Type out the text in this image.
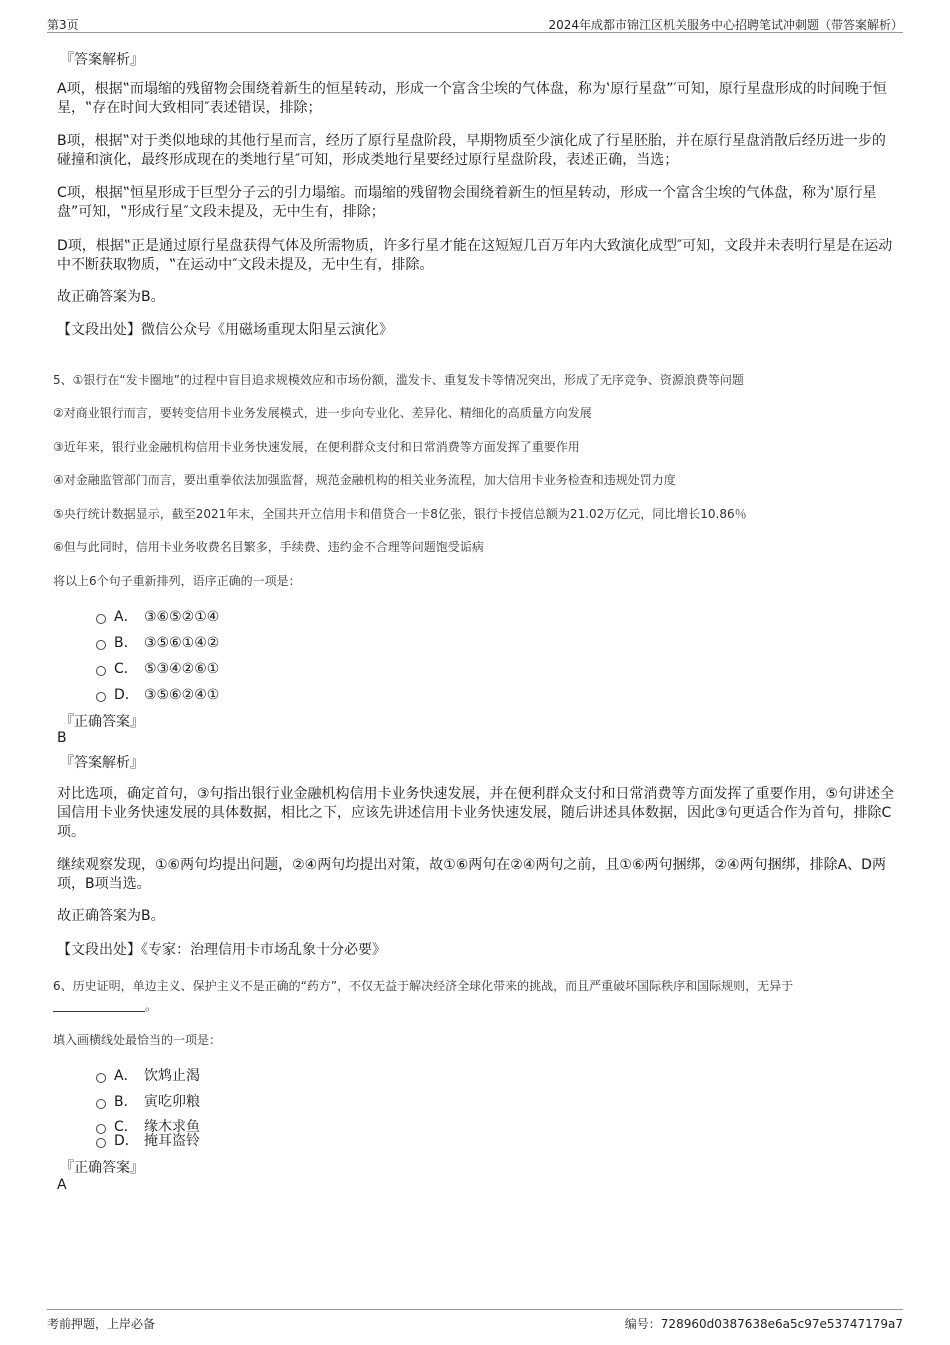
第3页	2024年成都市锦江区机关服务中心招聘笔试冲刺题（带答案解析）
『答案解析』
A项，根据‟而塌缩的残留物会围绕着新生的恒星转动，形成一个富含尘埃的气体盘，称为‛原行星盘”′可知，原行星盘形成的时间晚于恒星，‟存在时间大致相同″表述错误，排除；
B项，根据‟对于类似地球的其他行星而言，经历了原行星盘阶段，早期物质至少演化成了行星胚胎，并在原行星盘消散后经历进一步的碰撞和演化，最终形成现在的类地行星″可知，形成类地行星要经过原行星盘阶段，表述正确，当选；
C项，根据‟恒星形成于巨型分子云的引力塌缩。而塌缩的残留物会围绕着新生的恒星转动，形成一个富含尘埃的气体盘，称为‛原行星盘”可知，‟形成行星″文段未提及，无中生有，排除；
D项，根据‟正是通过原行星盘获得气体及所需物质，许多行星才能在这短短几百万年内大致演化成型″可知，文段并未表明行星是在运动中不断获取物质，‟在运动中″文段未提及，无中生有，排除。
故正确答案为B。
【文段出处】微信公众号《用磁场重现太阳星云演化》
5、①银行在“发卡圈地”的过程中盲目追求规模效应和市场份额，滥发卡、重复发卡等情况突出，形成了无序竞争、资源浪费等问题
②对商业银行而言，要转变信用卡业务发展模式，进一步向专业化、差异化、精细化的高质量方向发展
③近年来，银行业金融机构信用卡业务快速发展，在便利群众支付和日常消费等方面发挥了重要作用
④对金融监管部门而言，要出重拳依法加强监督，规范金融机构的相关业务流程，加大信用卡业务检查和违规处罚力度
⑤央行统计数据显示，截至2021年末，全国共开立信用卡和借贷合一卡8亿张，银行卡授信总额为21.02万亿元，同比增长10.86％
⑥但与此同时，信用卡业务收费名目繁多，手续费、违约金不合理等问题饱受诟病
将以上6个句子重新排列，语序正确的一项是：
A． ③⑥⑤②①④
B． ③⑤⑥①④②
C． ⑤③④②⑥①
D． ③⑤⑥②④①
『正确答案』
B
『答案解析』
对比选项，确定首句，③句指出银行业金融机构信用卡业务快速发展，并在便利群众支付和日常消费等方面发挥了重要作用，⑤句讲述全国信用卡业务快速发展的具体数据，相比之下，应该先讲述信用卡业务快速发展，随后讲述具体数据，因此③句更适合作为首句，排除C项。
继续观察发现，①⑥两句均提出问题，②④两句均提出对策，故①⑥两句在②④两句之前，且①⑥两句捆绑，②④两句捆绑，排除A、D两项，B项当选。
故正确答案为B。
【文段出处】《专家：治理信用卡市场乱象十分必要》
6、历史证明，单边主义、保护主义不是正确的“药方”，不仅无益于解决经济全球化带来的挑战，而且严重破坏国际秩序和国际规则，无异于
。
填入画横线处最恰当的一项是：
A． 饮鸩止渴
B． 寅吃卯粮
C． 缘木求鱼
D． 掩耳盗铃
『正确答案』
A
考前押题，上岸必备	编号：728960d0387638e6a5c97e53747179a7
